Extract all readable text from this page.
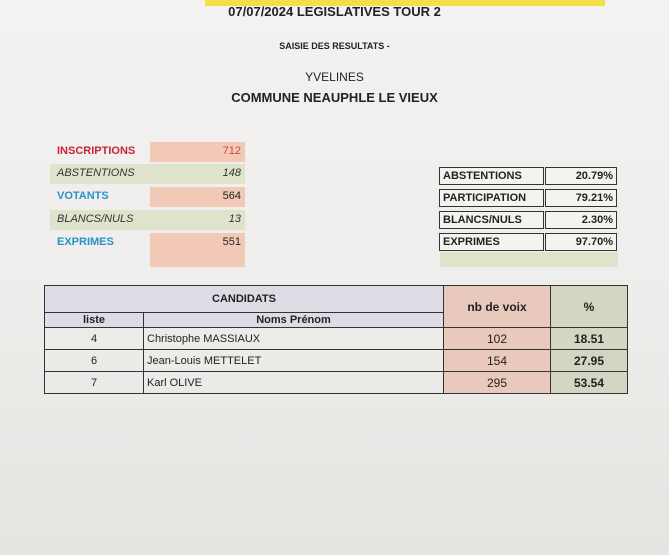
07/07/2024 LEGISLATIVES TOUR 2
SAISIE DES RESULTATS -
YVELINES
COMMUNE NEAUPHLE LE VIEUX
INSCRIPTIONS	712
ABSTENTIONS	148
VOTANTS	564
BLANCS/NULS	13
EXPRIMES	551
ABSTENTIONS	20.79%
PARTICIPATION	79.21%
BLANCS/NULS	2.30%
EXPRIMES	97.70%
CANDIDATS		nb de voix	%
liste	Noms Prénom		
4	Christophe MASSIAUX	102	18.51
6	Jean-Louis METTELET	154	27.95
7	Karl OLIVE	295	53.54
